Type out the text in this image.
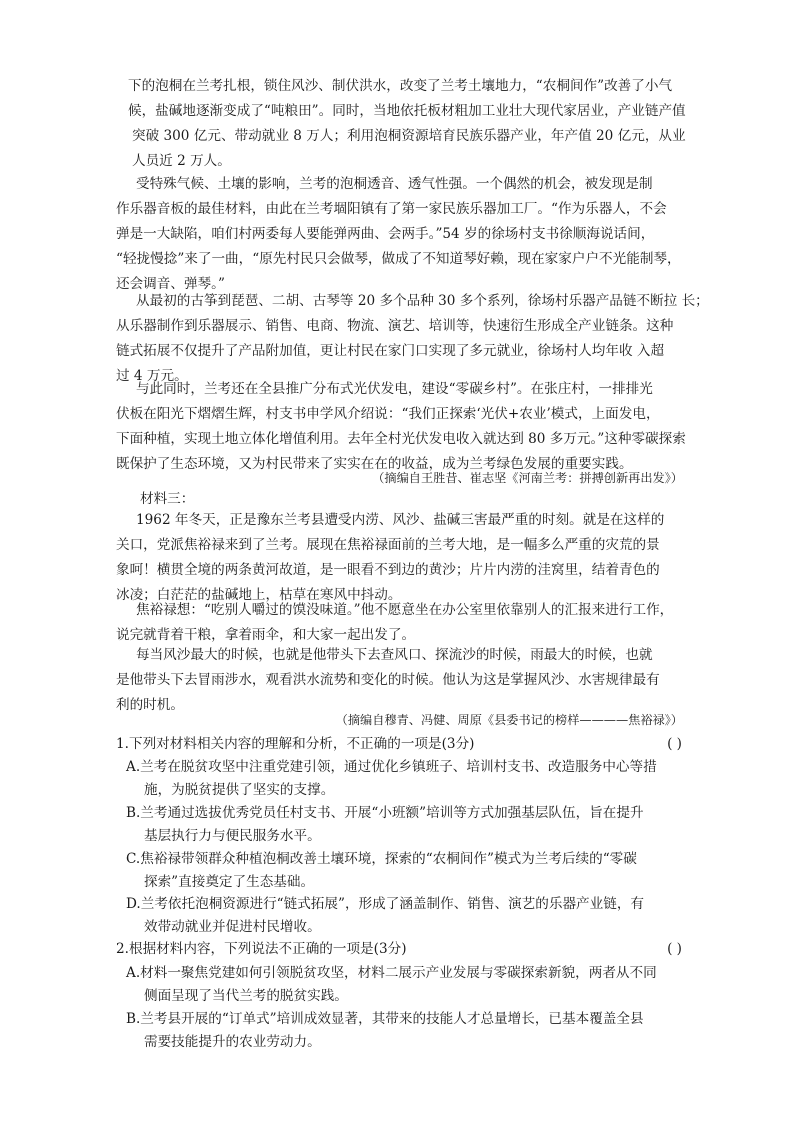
下的泡桐在兰考扎根，锁住风沙、制伏洪水，改变了兰考土壤地力，“农桐间作”改善了小气
候，盐碱地逐渐变成了“吨粮田”。同时，当地依托板材粗加工业壮大现代家居业，产业链产值
突破 300 亿元、带动就业 8 万人；利用泡桐资源培育民族乐器产业，年产值 20 亿元，从业
人员近 2 万人。
受特殊气候、土壤的影响，兰考的泡桐透音、透气性强。一个偶然的机会，被发现是制
作乐器音板的最佳材料，由此在兰考堌阳镇有了第一家民族乐器加工厂。“作为乐器人，不会
弹是一大缺陷，咱们村两委每人要能弹两曲、会两手。”54 岁的徐场村支书徐顺海说话间，
“轻拢慢捻”来了一曲，“原先村民只会做琴，做成了不知道琴好赖，现在家家户户不光能制琴，
还会调音、弹琴。”
从最初的古筝到琵琶、二胡、古琴等 20 多个品种 30 多个系列，徐场村乐器产品链不断拉 长；
从乐器制作到乐器展示、销售、电商、物流、演艺、培训等，快速衍生形成全产业链条。这种
链式拓展不仅提升了产品附加值，更让村民在家门口实现了多元就业，徐场村人均年收 入超
过 4 万元。
与此同时，兰考还在全县推广分布式光伏发电，建设“零碳乡村”。在张庄村，一排排光
伏板在阳光下熠熠生辉，村支书申学风介绍说：“我们正探索‘光伏+农业’模式，上面发电，
下面种植，实现土地立体化增值利用。去年全村光伏发电收入就达到 80 多万元。”这种零碳探索
既保护了生态环境，又为村民带来了实实在在的收益，成为兰考绿色发展的重要实践。
（摘编自王胜昔、崔志坚《河南兰考：拼搏创新再出发》）
材料三：
1962 年冬天，正是豫东兰考县遭受内涝、风沙、盐碱三害最严重的时刻。就是在这样的
关口，党派焦裕禄来到了兰考。展现在焦裕禄面前的兰考大地，是一幅多么严重的灾荒的景
象呵！横贯全境的两条黄河故道，是一眼看不到边的黄沙；片片内涝的洼窝里，结着青色的
冰凌；白茫茫的盐碱地上，枯草在寒风中抖动。
焦裕禄想：“吃别人嚼过的馍没味道。”他不愿意坐在办公室里依靠别人的汇报来进行工作，
说完就背着干粮，拿着雨伞，和大家一起出发了。
每当风沙最大的时候，也就是他带头下去查风口、探流沙的时候，雨最大的时候，也就
是他带头下去冒雨涉水，观看洪水流势和变化的时候。他认为这是掌握风沙、水害规律最有
利的时机。
（摘编自穆青、冯健、周原《县委书记的榜样————焦裕禄》）
1.下列对材料相关内容的理解和分析，不正确的一项是(3分)	( )
A.兰考在脱贫攻坚中注重党建引领，通过优化乡镇班子、培训村支书、改造服务中心等措
施，为脱贫提供了坚实的支撑。
B.兰考通过选拔优秀党员任村支书、开展“小班额”培训等方式加强基层队伍，旨在提升
基层执行力与便民服务水平。
C.焦裕禄带领群众种植泡桐改善土壤环境，探索的“农桐间作”模式为兰考后续的“零碳
探索”直接奠定了生态基础。
D.兰考依托泡桐资源进行“链式拓展”，形成了涵盖制作、销售、演艺的乐器产业链，有
效带动就业并促进村民增收。
2.根据材料内容，下列说法不正确的一项是(3分)	( )
A.材料一聚焦党建如何引领脱贫攻坚，材料二展示产业发展与零碳探索新貌，两者从不同
侧面呈现了当代兰考的脱贫实践。
B.兰考县开展的“订单式”培训成效显著，其带来的技能人才总量增长，已基本覆盖全县
需要技能提升的农业劳动力。
